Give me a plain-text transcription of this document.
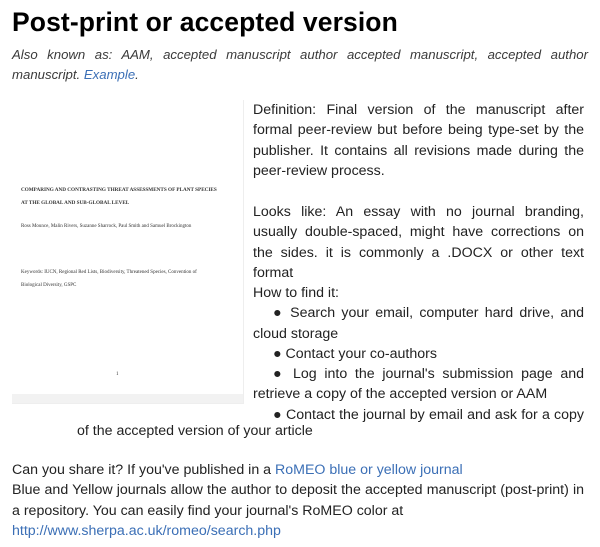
Post-print or accepted version
Also known as: AAM, accepted manuscript author accepted manuscript, accepted author manuscript. Example.
COMPARING AND CONTRASTING THREAT ASSESSMENTS OF PLANT SPECIES
AT THE GLOBAL AND SUB-GLOBAL LEVEL
Ross Mounce, Malin Rivers, Suzanne Sharrock, Paul Smith and Samuel Brockington
Keywords: IUCN, Regional Red Lists, Biodiversity, Threatened Species, Convention of
Biological Diversity, GSPC
1
Definition: Final version of the manuscript after formal peer-review but before being type-set by the publisher. It contains all revisions made during the peer-review process.
Looks like: An essay with no journal branding, usually double-spaced, might have corrections on the sides. it is commonly a .DOCX or other text format
How to find it:
● Search your email, computer hard drive, and
cloud storage
● Contact your co-authors
● Log into the journal's submission page and
retrieve a copy of the accepted version or AAM
● Contact the journal by email and ask for a copy
of the accepted version of your article
Can you share it? If you've published in a RoMEO blue or yellow journal
Blue and Yellow journals allow the author to deposit the accepted manuscript (post-print) in a repository. You can easily find your journal's RoMEO color at
http://www.sherpa.ac.uk/romeo/search.php
